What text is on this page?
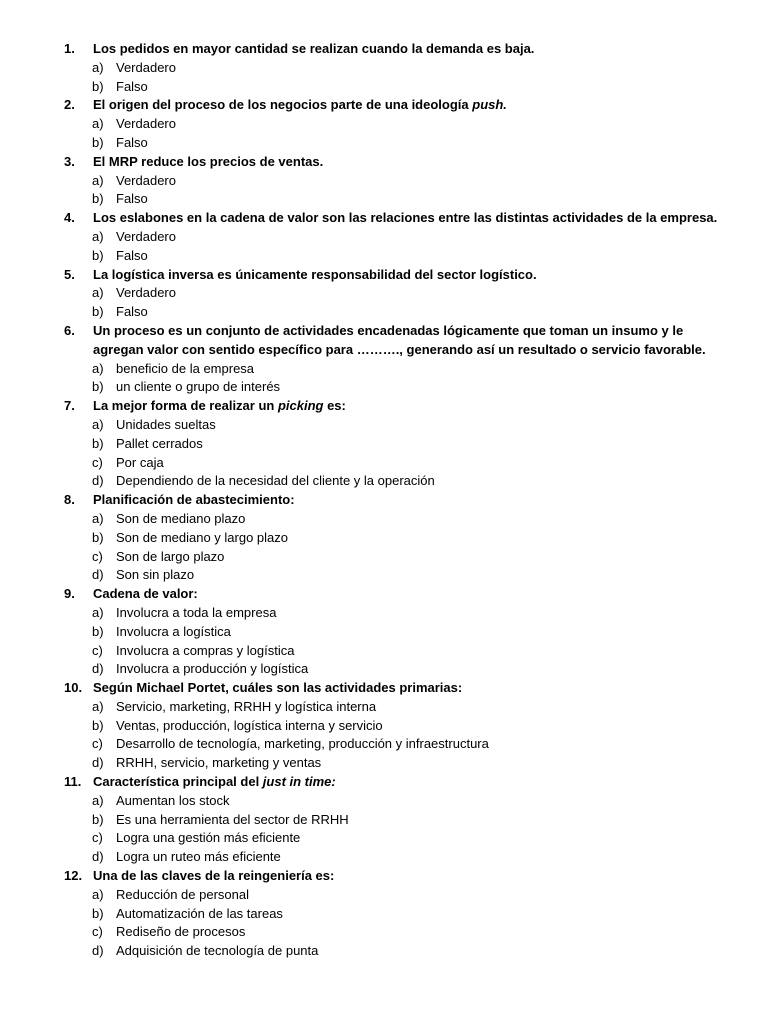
1. Los pedidos en mayor cantidad se realizan cuando la demanda es baja.
a) Verdadero
b) Falso
2. El origen del proceso de los negocios parte de una ideología push.
a) Verdadero
b) Falso
3. El MRP reduce los precios de ventas.
a) Verdadero
b) Falso
4. Los eslabones en la cadena de valor son las relaciones entre las distintas actividades de la empresa.
a) Verdadero
b) Falso
5. La logística inversa es únicamente responsabilidad del sector logístico.
a) Verdadero
b) Falso
6. Un proceso es un conjunto de actividades encadenadas lógicamente que toman un insumo y le agregan valor con sentido específico para ………., generando así un resultado o servicio favorable.
a) beneficio de la empresa
b) un cliente o grupo de interés
7. La mejor forma de realizar un picking es:
a) Unidades sueltas
b) Pallet cerrados
c) Por caja
d) Dependiendo de la necesidad del cliente y la operación
8. Planificación de abastecimiento:
a) Son de mediano plazo
b) Son de mediano y largo plazo
c) Son de largo plazo
d) Son sin plazo
9. Cadena de valor:
a) Involucra a toda la empresa
b) Involucra a logística
c) Involucra a compras y logística
d) Involucra a producción y logística
10. Según Michael Portet, cuáles son las actividades primarias:
a) Servicio, marketing, RRHH y logística interna
b) Ventas, producción, logística interna y servicio
c) Desarrollo de tecnología, marketing, producción y infraestructura
d) RRHH, servicio, marketing y ventas
11. Característica principal del just in time:
a) Aumentan los stock
b) Es una herramienta del sector de RRHH
c) Logra una gestión más eficiente
d) Logra un ruteo más eficiente
12. Una de las claves de la reingeniería es:
a) Reducción de personal
b) Automatización de las tareas
c) Rediseño de procesos
d) Adquisición de tecnología de punta
